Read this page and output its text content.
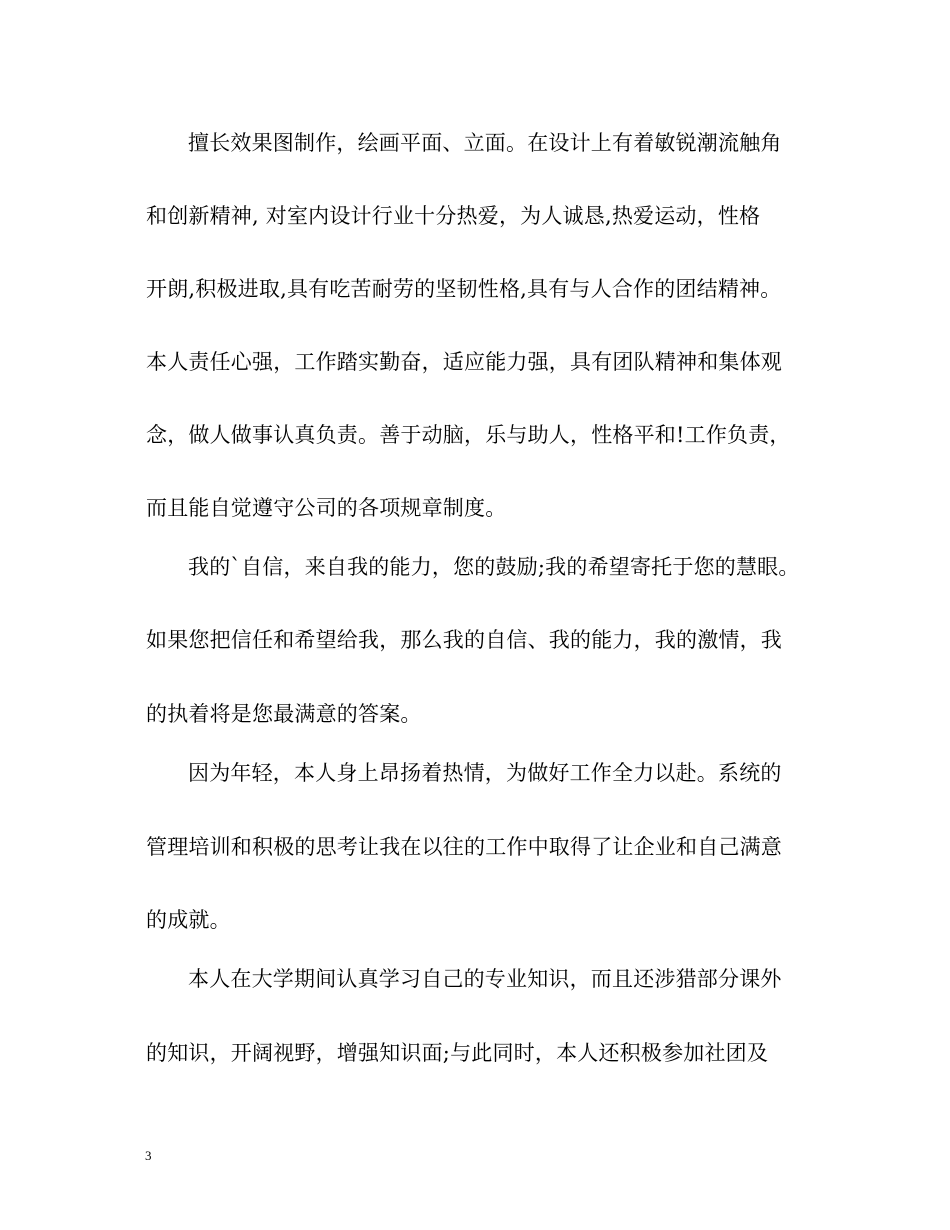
擅长效果图制作，绘画平面、立面。在设计上有着敏锐潮流触角
和创新精神, 对室内设计行业十分热爱，为人诚恳,热爱运动，性格
开朗,积极进取,具有吃苦耐劳的坚韧性格,具有与人合作的团结精神。
本人责任心强，工作踏实勤奋，适应能力强，具有团队精神和集体观
念，做人做事认真负责。善于动脑，乐与助人，性格平和!工作负责，
而且能自觉遵守公司的各项规章制度。
我的`自信，来自我的能力，您的鼓励;我的希望寄托于您的慧眼。
如果您把信任和希望给我，那么我的自信、我的能力，我的激情，我
的执着将是您最满意的答案。
因为年轻，本人身上昂扬着热情，为做好工作全力以赴。系统的
管理培训和积极的思考让我在以往的工作中取得了让企业和自己满意
的成就。
本人在大学期间认真学习自己的专业知识，而且还涉猎部分课外
的知识，开阔视野，增强知识面;与此同时，本人还积极参加社团及
3
